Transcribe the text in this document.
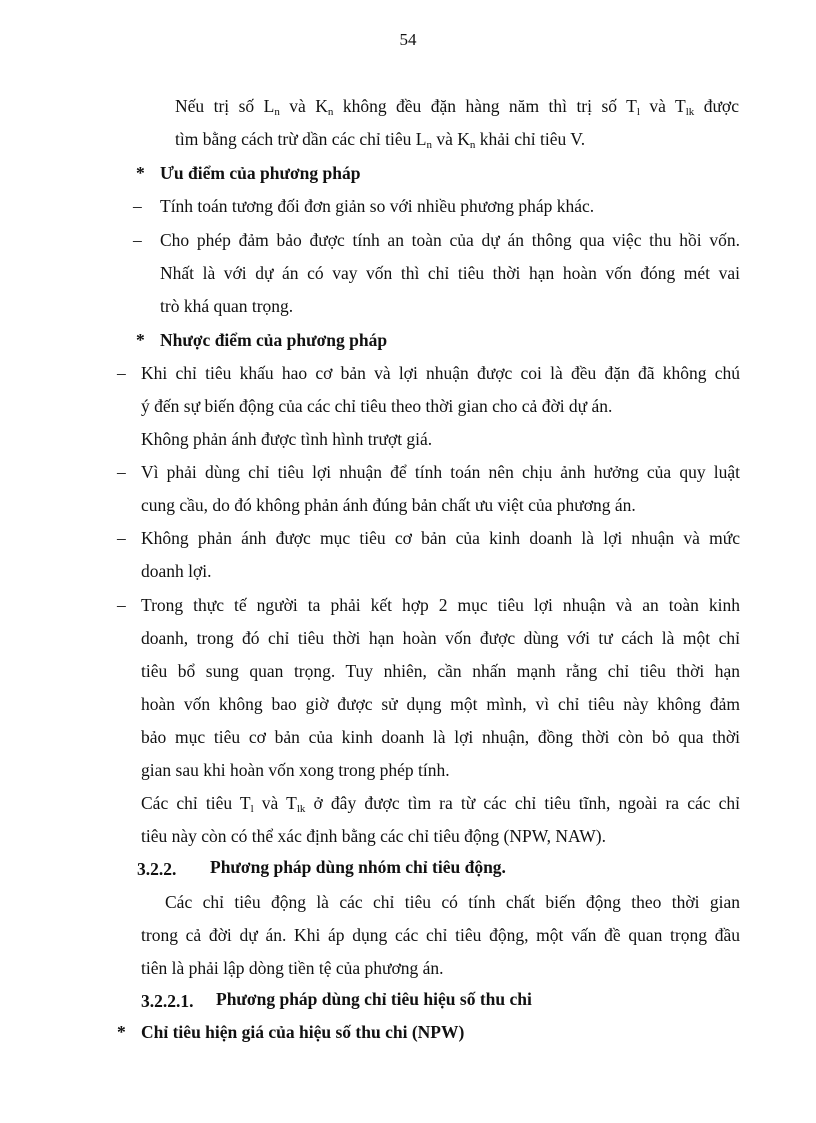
54
Nếu trị số $L_n$ và $K_n$ không đều đặn hàng năm thì trị số $T_l$ và $T_{lk}$ được
tìm bằng cách trừ dần các chỉ tiêu $L_n$ và $K_n$ khải chỉ tiêu V.
* Ưu điểm của phương pháp
– Tính toán tương đối đơn giản so với nhiều phương pháp khác.
– Cho phép đảm bảo được tính an toàn của dự án thông qua việc thu hồi vốn.
Nhất là với dự án có vay vốn thì chỉ tiêu thời hạn hoàn vốn đóng mét vai
trò khá quan trọng.
* Nhược điểm của phương pháp
– Khi chỉ tiêu khấu hao cơ bản và lợi nhuận được coi là đều đặn đã không chú
ý đến sự biến động của các chỉ tiêu theo thời gian cho cả đời dự án.
Không phản ánh được tình hình trượt giá.
– Vì phải dùng chỉ tiêu lợi nhuận để tính toán nên chịu ảnh hưởng của quy luật
cung cầu, do đó không phản ánh đúng bản chất ưu việt của phương án.
– Không phản ánh được mục tiêu cơ bản của kinh doanh là lợi nhuận và mức
doanh lợi.
– Trong thực tế người ta phải kết hợp 2 mục tiêu lợi nhuận và an toàn kinh
doanh, trong đó chỉ tiêu thời hạn hoàn vốn được dùng với tư cách là một chỉ
tiêu bổ sung quan trọng. Tuy nhiên, cần nhấn mạnh rằng chỉ tiêu thời hạn
hoàn vốn không bao giờ được sử dụng một mình, vì chỉ tiêu này không đảm
bảo mục tiêu cơ bản của kinh doanh là lợi nhuận, đồng thời còn bỏ qua thời
gian sau khi hoàn vốn xong trong phép tính.
Các chỉ tiêu $T_l$ và $T_{lk}$ ở đây được tìm ra từ các chỉ tiêu tĩnh, ngoài ra các chỉ
tiêu này còn có thể xác định bằng các chỉ tiêu động (NPW, NAW).
3.2.2. Phương pháp dùng nhóm chỉ tiêu động.
Các chỉ tiêu động là các chỉ tiêu có tính chất biến động theo thời gian
trong cả đời dự án. Khi áp dụng các chỉ tiêu động, một vấn đề quan trọng đầu
tiên là phải lập dòng tiền tệ của phương án.
3.2.2.1. Phương pháp dùng chỉ tiêu hiệu số thu chi
* Chỉ tiêu hiện giá của hiệu số thu chi (NPW)
